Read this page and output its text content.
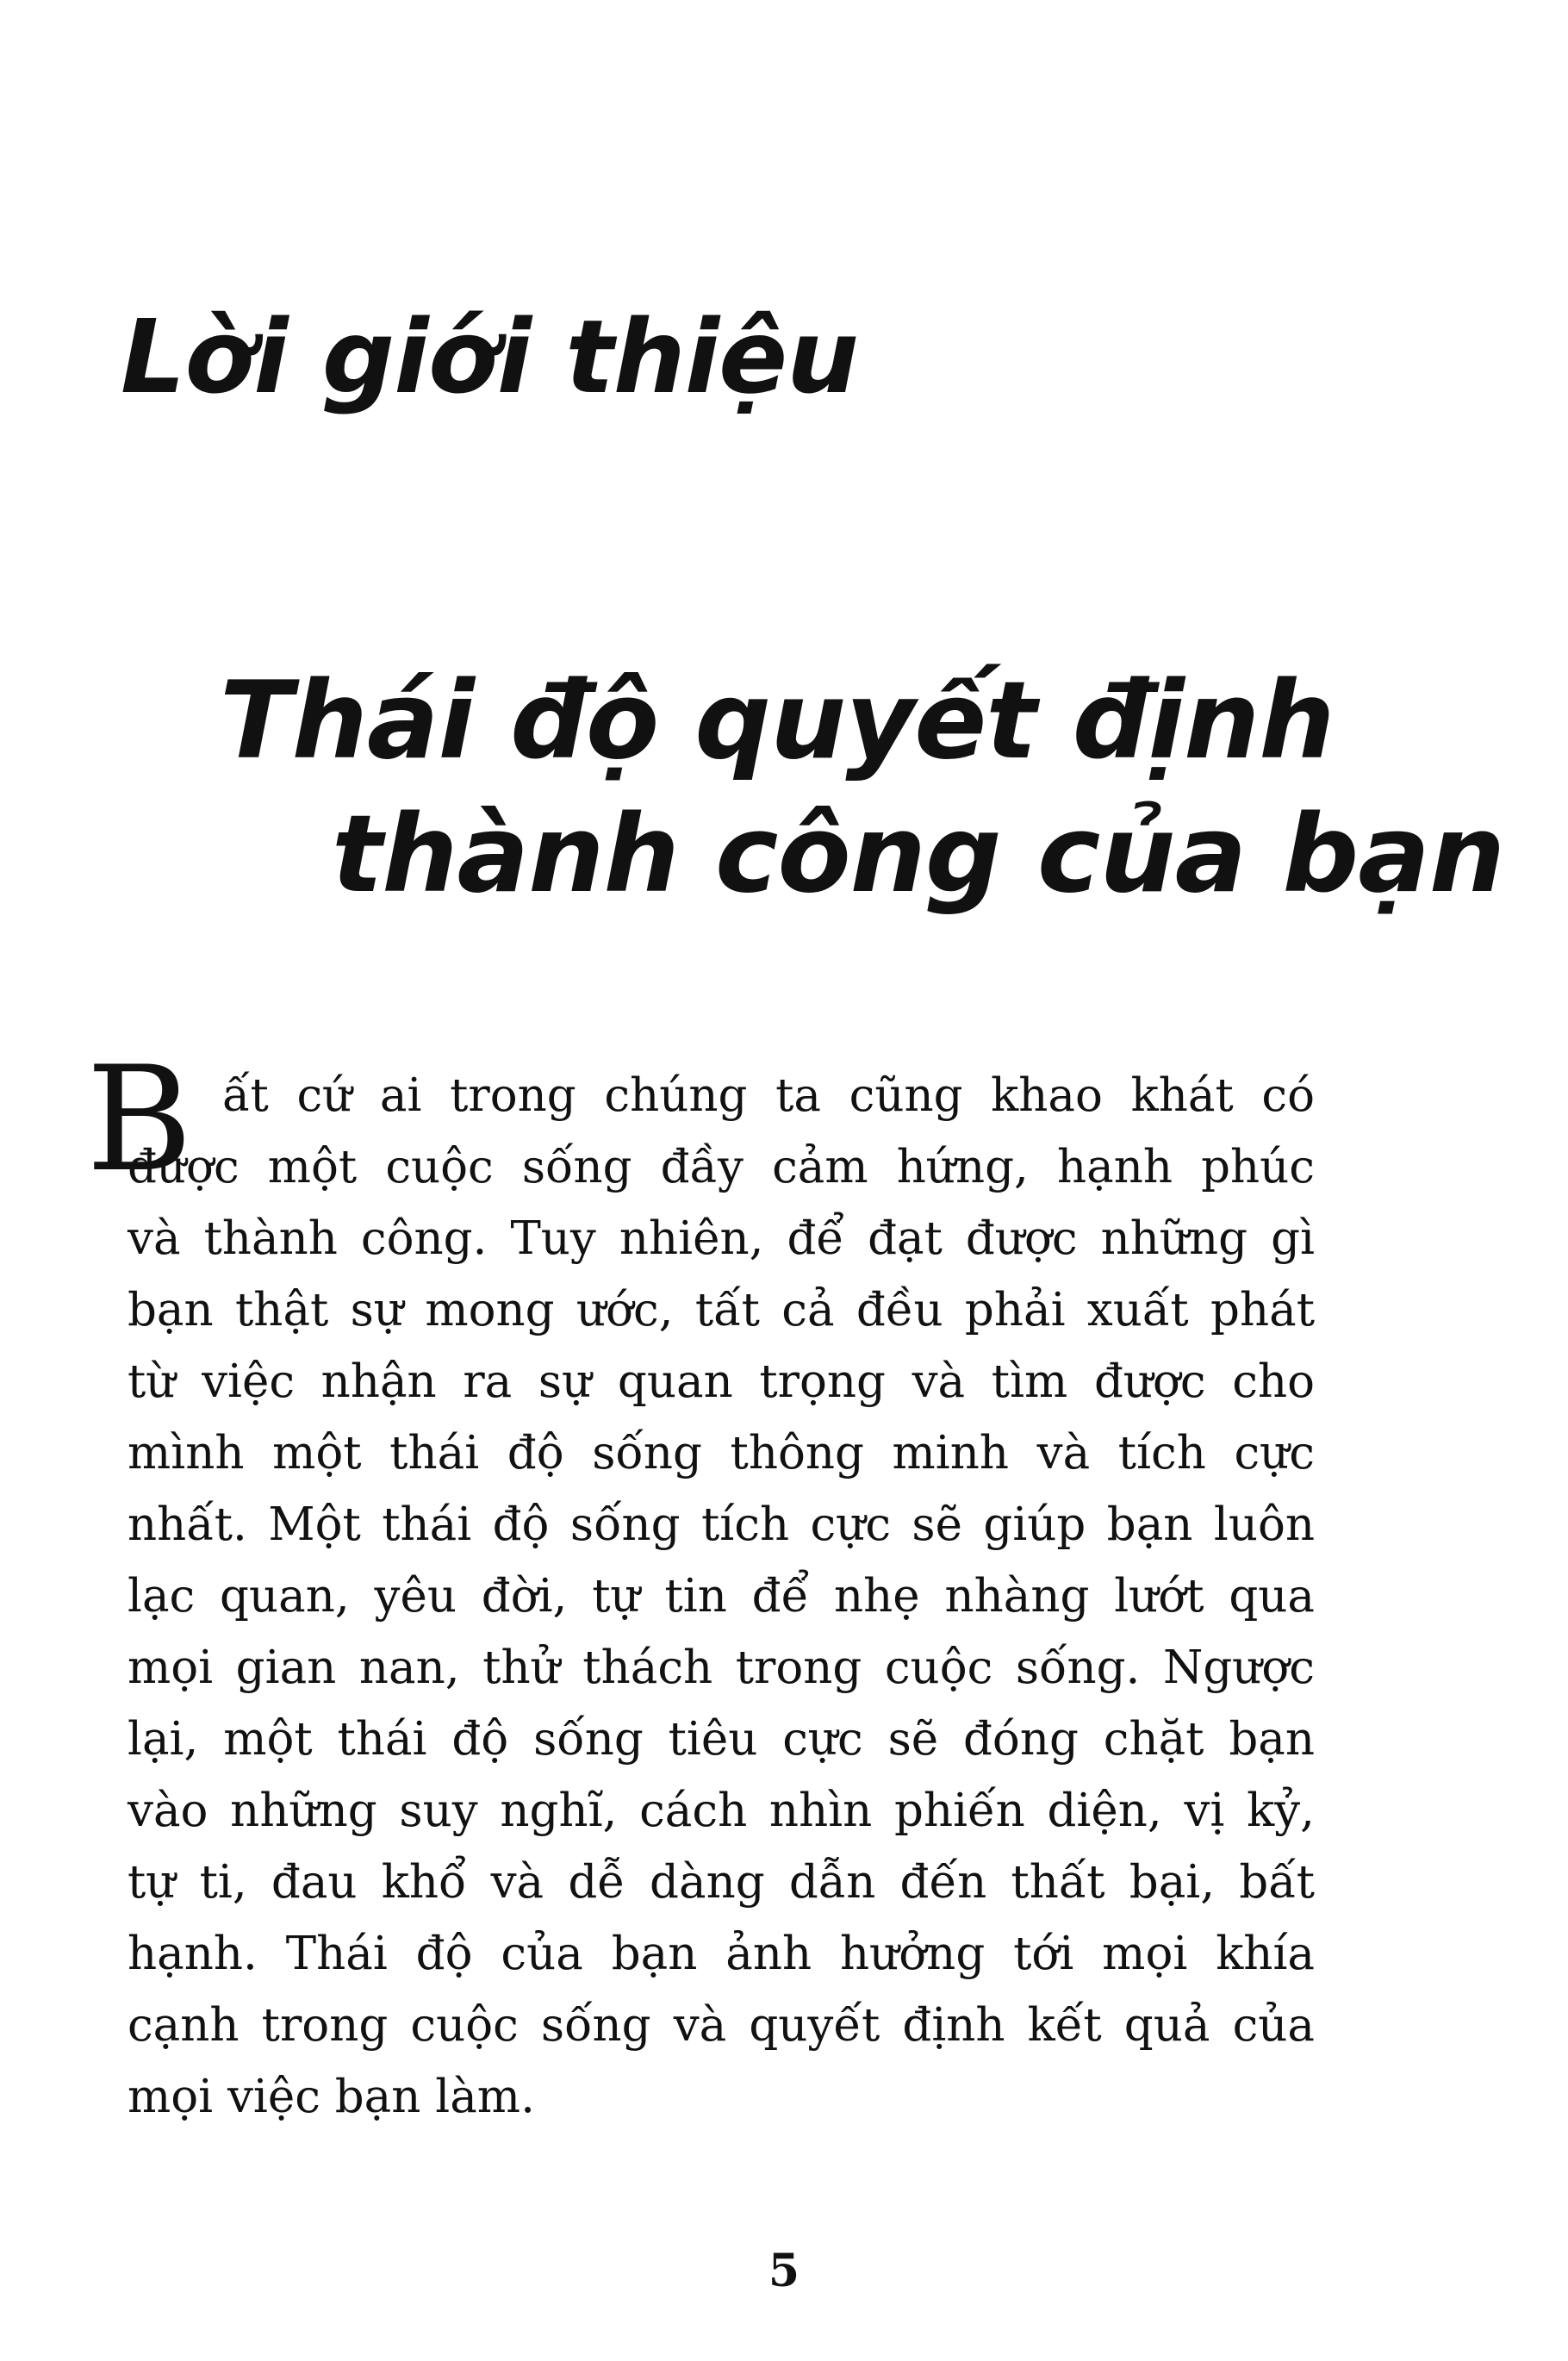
Lời giới thiệu
Thái độ quyết định
thành công của bạn
B ất cứ ai trong chúng ta cũng khao khát có
được một cuộc sống đầy cảm hứng, hạnh phúc
và thành công. Tuy nhiên, để đạt được những gì
bạn thật sự mong ước, tất cả đều phải xuất phát
từ việc nhận ra sự quan trọng và tìm được cho
mình một thái độ sống thông minh và tích cực
nhất. Một thái độ sống tích cực sẽ giúp bạn luôn
lạc quan, yêu đời, tự tin để nhẹ nhàng lướt qua
mọi gian nan, thử thách trong cuộc sống. Ngược
lại, một thái độ sống tiêu cực sẽ đóng chặt bạn
vào những suy nghĩ, cách nhìn phiến diện, vị kỷ,
tự ti, đau khổ và dễ dàng dẫn đến thất bại, bất
hạnh. Thái độ của bạn ảnh hưởng tới mọi khía
cạnh trong cuộc sống và quyết định kết quả của
mọi việc bạn làm.
5
